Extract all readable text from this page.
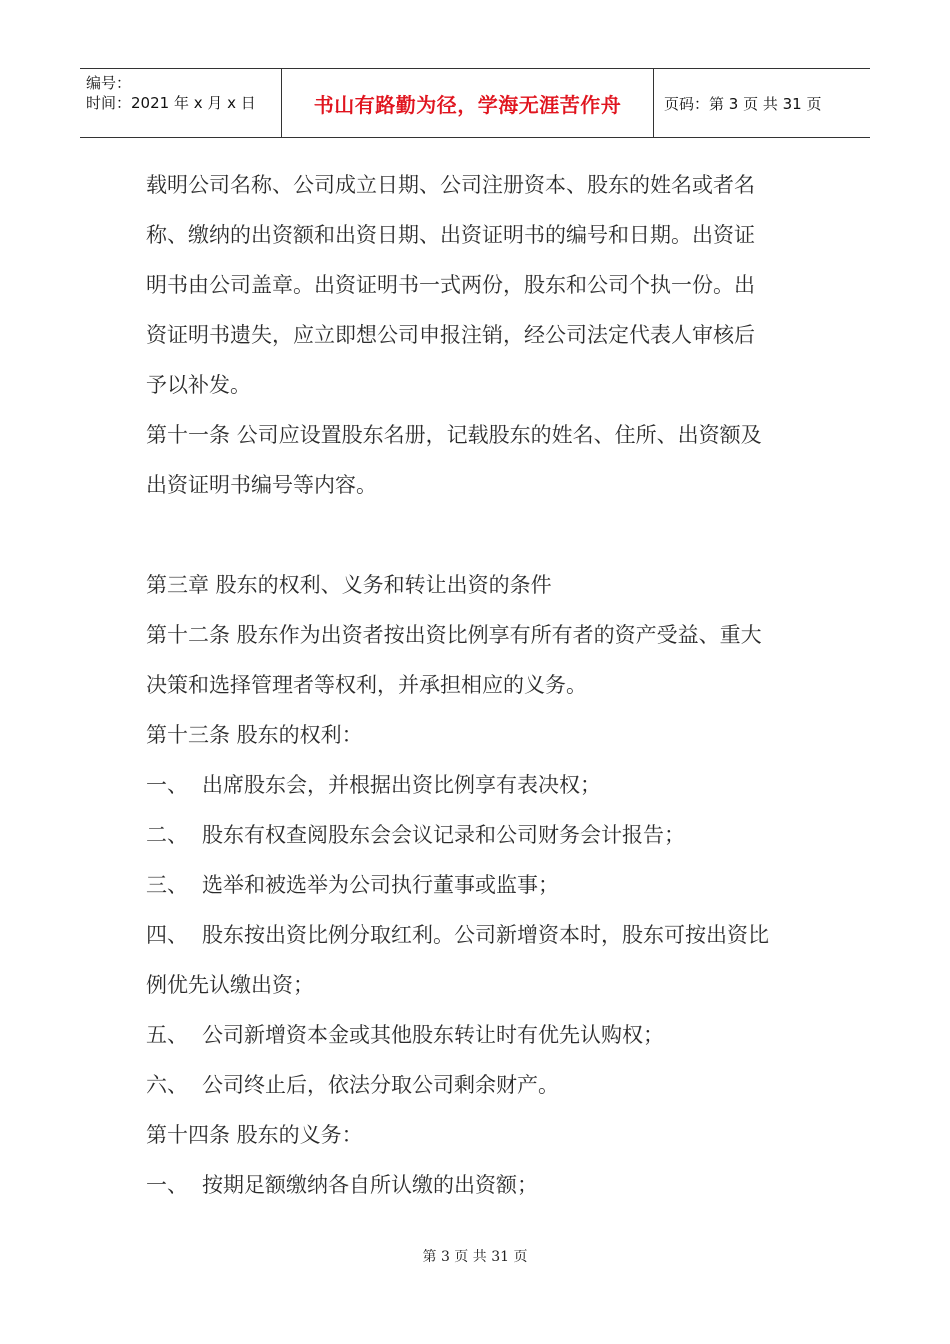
编号：
时间：2021 年 x 月 x 日	书山有路勤为径，学海无涯苦作舟	页码：第 3 页 共 31 页
载明公司名称、公司成立日期、公司注册资本、股东的姓名或者名
称、缴纳的出资额和出资日期、出资证明书的编号和日期。出资证
明书由公司盖章。出资证明书一式两份，股东和公司个执一份。出
资证明书遗失，应立即想公司申报注销，经公司法定代表人审核后
予以补发。
第十一条 公司应设置股东名册，记载股东的姓名、住所、出资额及
出资证明书编号等内容。
第三章 股东的权利、义务和转让出资的条件
第十二条 股东作为出资者按出资比例享有所有者的资产受益、重大
决策和选择管理者等权利，并承担相应的义务。
第十三条 股东的权利：
一、 出席股东会，并根据出资比例享有表决权；
二、 股东有权查阅股东会会议记录和公司财务会计报告；
三、 选举和被选举为公司执行董事或监事；
四、 股东按出资比例分取红利。公司新增资本时，股东可按出资比
例优先认缴出资；
五、 公司新增资本金或其他股东转让时有优先认购权；
六、 公司终止后，依法分取公司剩余财产。
第十四条 股东的义务：
一、 按期足额缴纳各自所认缴的出资额；
第 3 页 共 31 页
